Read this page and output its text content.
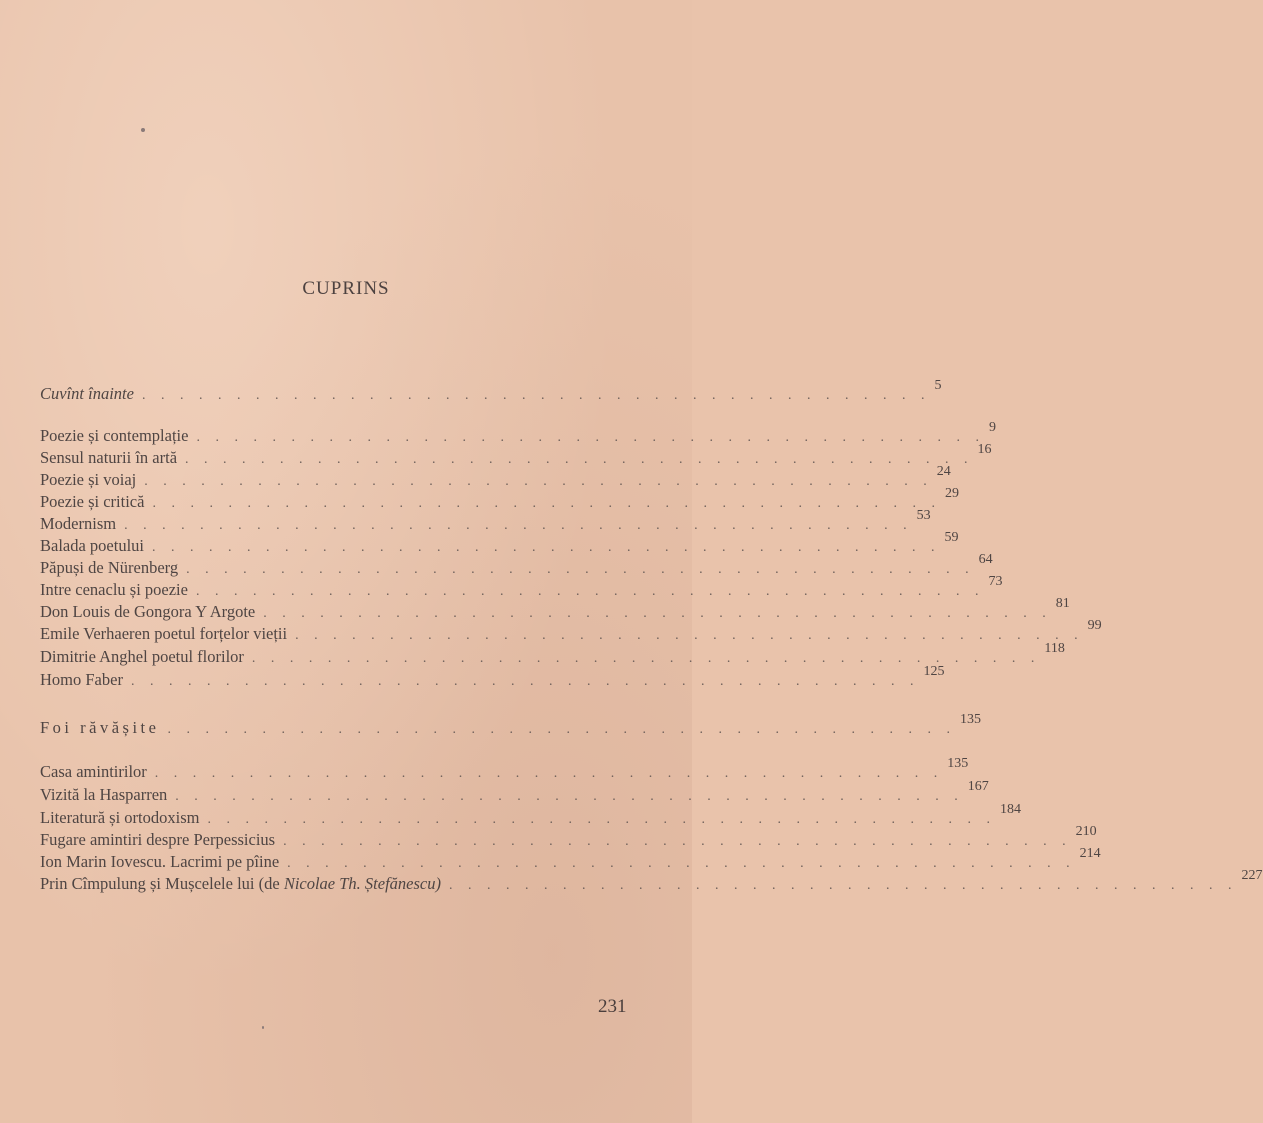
CUPRINS
Cuvînt înainte . . . . . . . . . . . . . . . . . . . . . . . . . . . . . . . . . . . . . . . . . .
5
Poezie și contemplație . . . . . . . . . . . . . . . . . . . . . . . . . . . . . . . . . . . . . . . . . .
9
Sensul naturii în artă . . . . . . . . . . . . . . . . . . . . . . . . . . . . . . . . . . . . . . . . . .
16
Poezie și voiaj . . . . . . . . . . . . . . . . . . . . . . . . . . . . . . . . . . . . . . . . . .
24
Poezie și critică . . . . . . . . . . . . . . . . . . . . . . . . . . . . . . . . . . . . . . . . . .
29
Modernism . . . . . . . . . . . . . . . . . . . . . . . . . . . . . . . . . . . . . . . . . .
53
Balada poetului . . . . . . . . . . . . . . . . . . . . . . . . . . . . . . . . . . . . . . . . . .
59
Păpuși de Nürenberg . . . . . . . . . . . . . . . . . . . . . . . . . . . . . . . . . . . . . . . . . .
64
Intre cenaclu și poezie . . . . . . . . . . . . . . . . . . . . . . . . . . . . . . . . . . . . . . . . . .
73
Don Louis de Gongora Y Argote . . . . . . . . . . . . . . . . . . . . . . . . . . . . . . . . . . . . . . . . . .
81
Emile Verhaeren poetul forțelor vieții . . . . . . . . . . . . . . . . . . . . . . . . . . . . . . . . . . . . . . . . . .
99
Dimitrie Anghel poetul florilor . . . . . . . . . . . . . . . . . . . . . . . . . . . . . . . . . . . . . . . . . .
118
Homo Faber . . . . . . . . . . . . . . . . . . . . . . . . . . . . . . . . . . . . . . . . . .
125
Foi răvășite . . . . . . . . . . . . . . . . . . . . . . . . . . . . . . . . . . . . . . . . . .
135
Casa amintirilor . . . . . . . . . . . . . . . . . . . . . . . . . . . . . . . . . . . . . . . . . .
135
Vizită la Hasparren . . . . . . . . . . . . . . . . . . . . . . . . . . . . . . . . . . . . . . . . . .
167
Literatură și ortodoxism . . . . . . . . . . . . . . . . . . . . . . . . . . . . . . . . . . . . . . . . . .
184
Fugare amintiri despre Perpessicius . . . . . . . . . . . . . . . . . . . . . . . . . . . . . . . . . . . . . . . . . .
210
Ion Marin Iovescu. Lacrimi pe pîine . . . . . . . . . . . . . . . . . . . . . . . . . . . . . . . . . . . . . . . . . .
214
Prin Cîmpulung și Mușcelele lui (de Nicolae Th. Ștefănescu) . . . . . . . . . . . . . . . . . . . . . . . . . . . . . . . . . . . . . . . . . .
227
231
